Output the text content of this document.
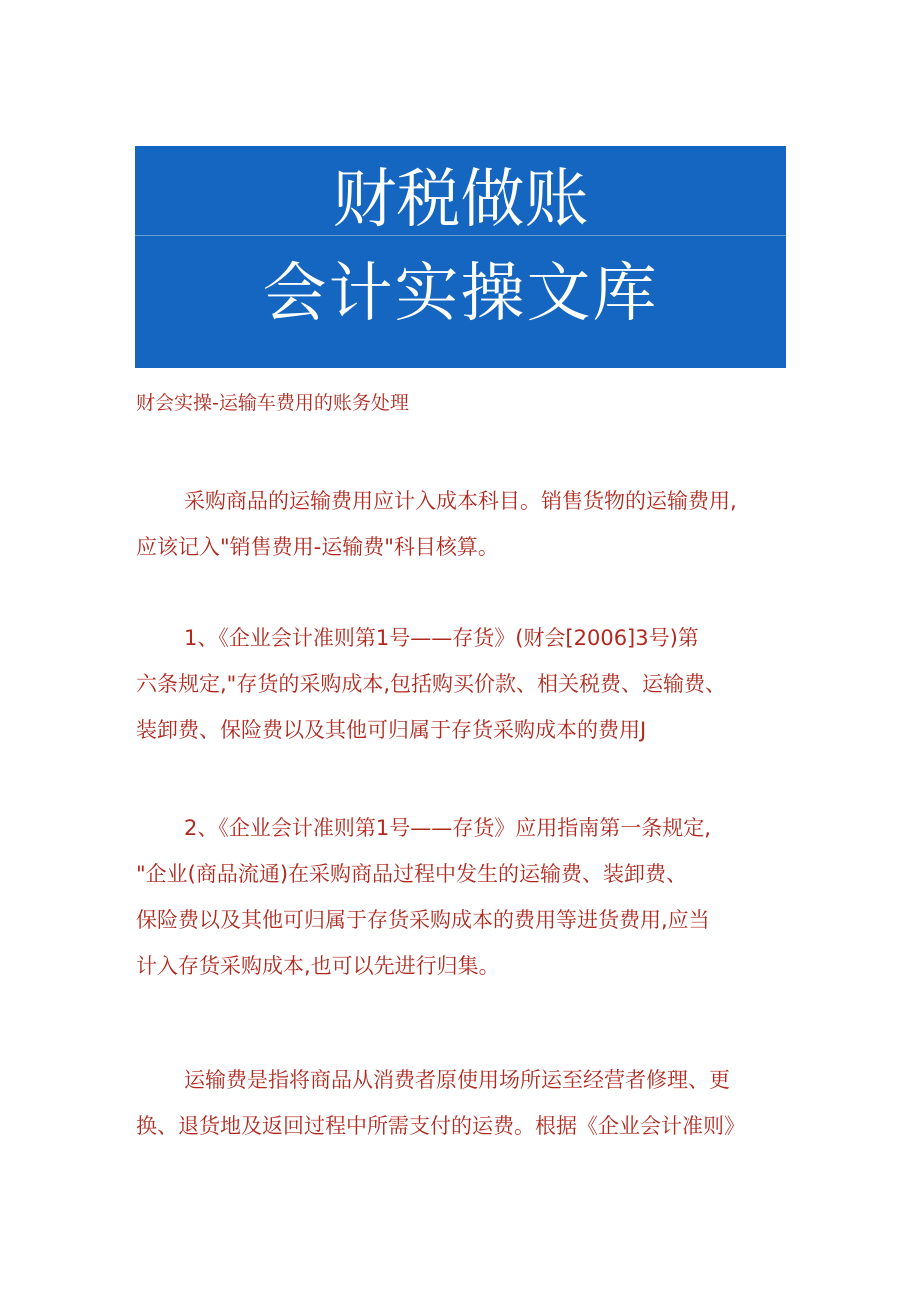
财税做账
会计实操文库
财会实操-运输车费用的账务处理
采购商品的运输费用应计入成本科目。销售货物的运输费用,
应该记入"销售费用-运输费"科目核算。
1、《企业会计准则第1号——存货》(财会[2006]3号)第
六条规定,"存货的采购成本,包括购买价款、相关税费、运输费、
装卸费、保险费以及其他可归属于存货采购成本的费用J
2、《企业会计准则第1号——存货》应用指南第一条规定,
"企业(商品流通)在采购商品过程中发生的运输费、装卸费、
保险费以及其他可归属于存货采购成本的费用等进货费用,应当
计入存货采购成本,也可以先进行归集。
运输费是指将商品从消费者原使用场所运至经营者修理、更
换、退货地及返回过程中所需支付的运费。根据《企业会计准则》
